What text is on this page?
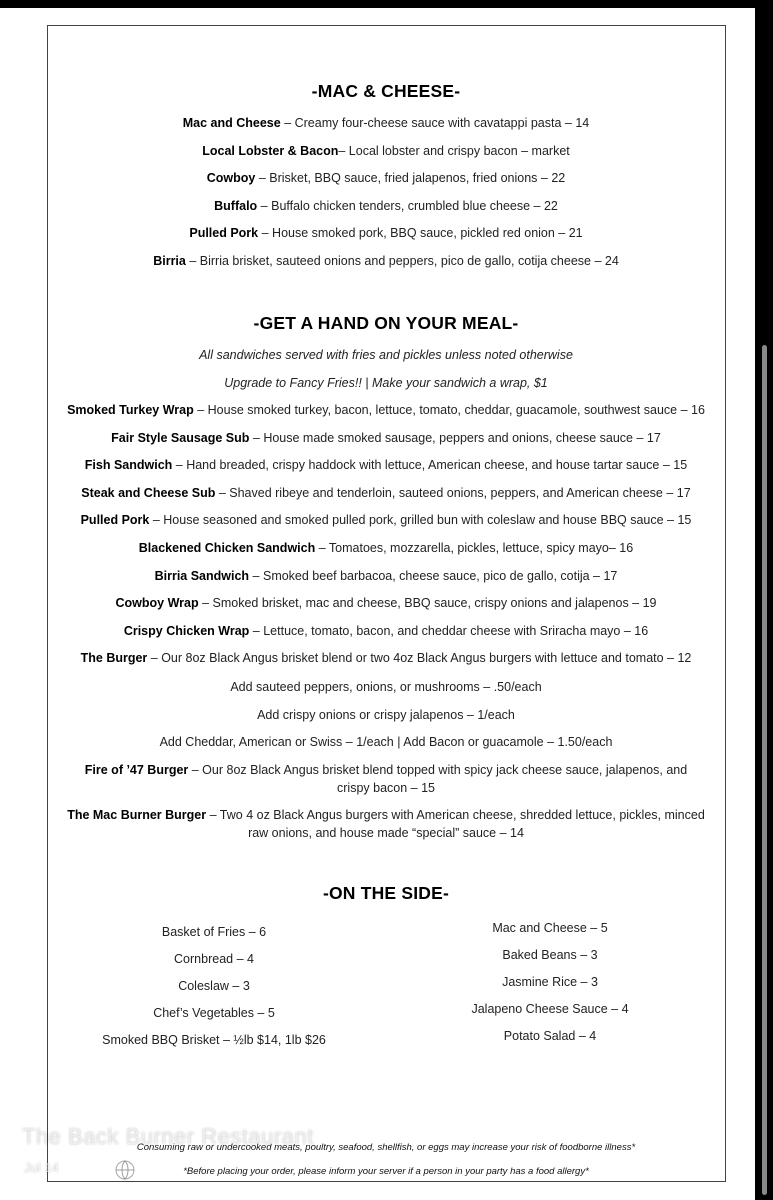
-MAC & CHEESE-
Mac and Cheese – Creamy four-cheese sauce with cavatappi pasta – 14
Local Lobster & Bacon– Local lobster and crispy bacon – market
Cowboy – Brisket, BBQ sauce, fried jalapenos, fried onions – 22
Buffalo – Buffalo chicken tenders, crumbled blue cheese – 22
Pulled Pork – House smoked pork, BBQ sauce, pickled red onion – 21
Birria – Birria brisket, sauteed onions and peppers, pico de gallo, cotija cheese – 24
-GET A HAND ON YOUR MEAL-
All sandwiches served with fries and pickles unless noted otherwise
Upgrade to Fancy Fries!! | Make your sandwich a wrap, $1
Smoked Turkey Wrap – House smoked turkey, bacon, lettuce, tomato, cheddar, guacamole, southwest sauce – 16
Fair Style Sausage Sub – House made smoked sausage, peppers and onions, cheese sauce – 17
Fish Sandwich – Hand breaded, crispy haddock with lettuce, American cheese, and house tartar sauce – 15
Steak and Cheese Sub – Shaved ribeye and tenderloin, sauteed onions, peppers, and American cheese – 17
Pulled Pork – House seasoned and smoked pulled pork, grilled bun with coleslaw and house BBQ sauce – 15
Blackened Chicken Sandwich – Tomatoes, mozzarella, pickles, lettuce, spicy mayo– 16
Birria Sandwich – Smoked beef barbacoa, cheese sauce, pico de gallo, cotija – 17
Cowboy Wrap – Smoked brisket, mac and cheese, BBQ sauce, crispy onions and jalapenos – 19
Crispy Chicken Wrap – Lettuce, tomato, bacon, and cheddar cheese with Sriracha mayo – 16
The Burger – Our 8oz Black Angus brisket blend or two 4oz Black Angus burgers with lettuce and tomato – 12
Add sauteed peppers, onions, or mushrooms – .50/each
Add crispy onions or crispy jalapenos – 1/each
Add Cheddar, American or Swiss – 1/each | Add Bacon or guacamole – 1.50/each
Fire of ’47 Burger – Our 8oz Black Angus brisket blend topped with spicy jack cheese sauce, jalapenos, and
crispy bacon – 15
The Mac Burner Burger – Two 4 oz Black Angus burgers with American cheese, shredded lettuce, pickles, minced
raw onions, and house made “special” sauce – 14
-ON THE SIDE-
Basket of Fries – 6
Cornbread – 4
Coleslaw – 3
Chef’s Vegetables – 5
Smoked BBQ Brisket – ½lb $14, 1lb $26
Mac and Cheese – 5
Baked Beans – 3
Jasmine Rice – 3
Jalapeno Cheese Sauce – 4
Potato Salad – 4
Consuming raw or undercooked meats, poultry, seafood, shellfish, or eggs may increase your risk of foodborne illness*
*Before placing your order, please inform your server if a person in your party has a food allergy*
The Back Burner Restaurant
Jul 14
